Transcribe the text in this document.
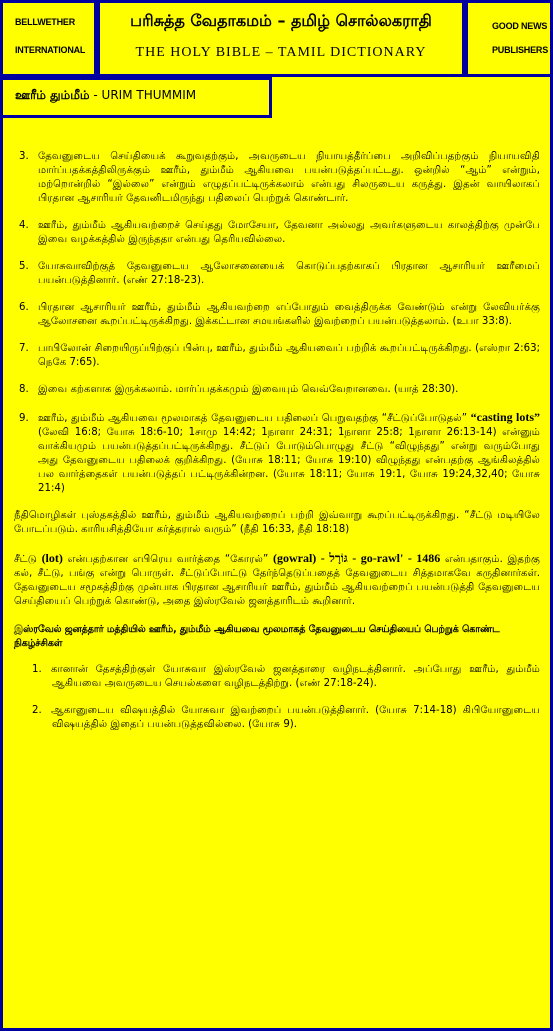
BELLWETHER
INTERNATIONAL
பரிசுத்த வேதாகமம் – தமிழ் சொல்லகராதி
THE HOLY BIBLE – TAMIL DICTIONARY
GOOD NEWS
PUBLISHERS
ஊரீம் தும்மீம் - URIM THUMMIM
3. தேவனுடைய செய்தியைக் கூறுவதற்கும், அவருடைய நியாயத்தீர்ப்பை அறிவிப்பதற்கும் நியாயவிதி மார்ப்பதக்கத்திலிருக்கும் ஊரீம், தும்மீம் ஆகியவை பயன்படுத்தப்பட்டது. ஒன்றில் “ஆம்” என்றும், மற்றொன்றில் “இல்லை” என்றும் எழுதப்பட்டிருக்கலாம் என்பது சிலருடைய கருத்து. இதன் வாயிலாகப் பிரதான ஆசாரியர் தேவனிடமிருந்து பதிலைப் பெற்றுக் கொண்டார்.
4. ஊரீம், தும்மீம் ஆகியவற்றைச் செய்தது மோசேயா, தேவனா அல்லது அவர்களுடைய காலத்திற்கு முன்பே இவை வழக்கத்தில் இருந்ததா என்பது தெரியவில்லை.
5. யோசுவாவிற்குத் தேவனுடைய ஆலோசனையைக் கொடுப்பதற்காகப் பிரதான ஆசாரியர் ஊரீமைப் பயன்படுத்தினார். (எண் 27:18-23).
6. பிரதான ஆசாரியர் ஊரீம், தும்மீம் ஆகியவற்றை எப்போதும் வைத்திருக்க வேண்டும் என்று லேவியர்க்கு ஆலோசனை கூறப்பட்டிருக்கிறது. இக்கட்டான சமயங்களில் இவற்றைப் பயன்படுத்தலாம். (உபா 33:8).
7. பாபிலோன் சிறையிருப்பிற்குப் பின்பு, ஊரீம், தும்மீம் ஆகியவைப் பற்றிக் கூறப்பட்டிருக்கிறது. (எஸ்றா 2:63; நெகே 7:65).
8. இவை கற்களாக இருக்கலாம். மார்ப்பதக்கமும் இவையும் வெவ்வேறானவை. (யாத் 28:30).
9. ஊரீம், தும்மீம் ஆகியவை மூலமாகத் தேவனுடைய பதிலைப் பெறுவதற்கு “சீட்டுப்போடுதல்” “casting lots” (லேவி 16:8; யோசு 18:6-10; 1சாமு 14:42; 1நாளா 24:31; 1நாளா 25:8; 1நாளா 26:13-14) என்னும் வாக்கியமும் பயன்படுத்தப்பட்டிருக்கிறது. சீட்டுப் போடும்பொழுது சீட்டு “விழுந்தது” என்று வரும்போது அது தேவனுடைய பதிலைக் குறிக்கிறது. (யோசு 18:11; யோசு 19:10) விழுந்தது என்பதற்கு ஆங்கிலத்தில் பல வார்த்தைகள் பயன்படுத்தப் பட்டிருக்கின்றன. (யோசு 18:11; யோசு 19:1, யோசு 19:24,32,40; யோசு 21:4)

நீதிமொழிகள் புஸ்தகத்தில் ஊரீம், தும்மீம் ஆகியவற்றைப் பற்றி இவ்வாறு கூறப்பட்டிருக்கிறது. “சீட்டு மடியிலே போடப்படும். காரியசித்தியோ கர்த்தரால் வரும்” (நீதி 16:33, நீதி 18:18)

சீட்டு (lot) என்பதற்கான எபிரெய வார்த்தை “கோரல்” (gowral) - גּוֹרָל - go-rawl' - 1486 என்பதாகும். இதற்கு கல், சீட்டு, பங்கு என்று பொருள். சீட்டுப்போட்டு தேர்ந்தெடுப்பதைத் தேவனுடைய சித்தமாகவே கருதினார்கள். தேவனுடைய சமூகத்திற்கு முன்பாக பிரதான ஆசாரியர் ஊரீம், தும்மீம் ஆகியவற்றைப் பயன்படுத்தி தேவனுடைய செய்தியைப் பெற்றுக் கொண்டு, அதை இஸ்ரவேல் ஜனத்தாரிடம் கூறினார்.

இஸ்ரவேல் ஜனத்தார் மத்தியில் ஊரீம், தும்மீம் ஆகியவை மூலமாகத் தேவனுடைய செய்தியைப் பெற்றுக் கொண்ட நிகழ்ச்சிகள்

1. கானான் தேசத்திற்குள் யோசுவா இஸ்ரவேல் ஜனத்தாரை வழிநடத்தினார். அப்போது ஊரீம், தும்மீம் ஆகியவை அவருடைய செயல்களை வழிநடத்திற்று. (எண் 27:18-24).
2. ஆகானுடைய விஷயத்தில் யோசுவா இவற்றைப் பயன்படுத்தினார். (யோசு 7:14-18) கிபியோனுடைய விஷயத்தில் இதைப் பயன்படுத்தவில்லை. (யோசு 9).
